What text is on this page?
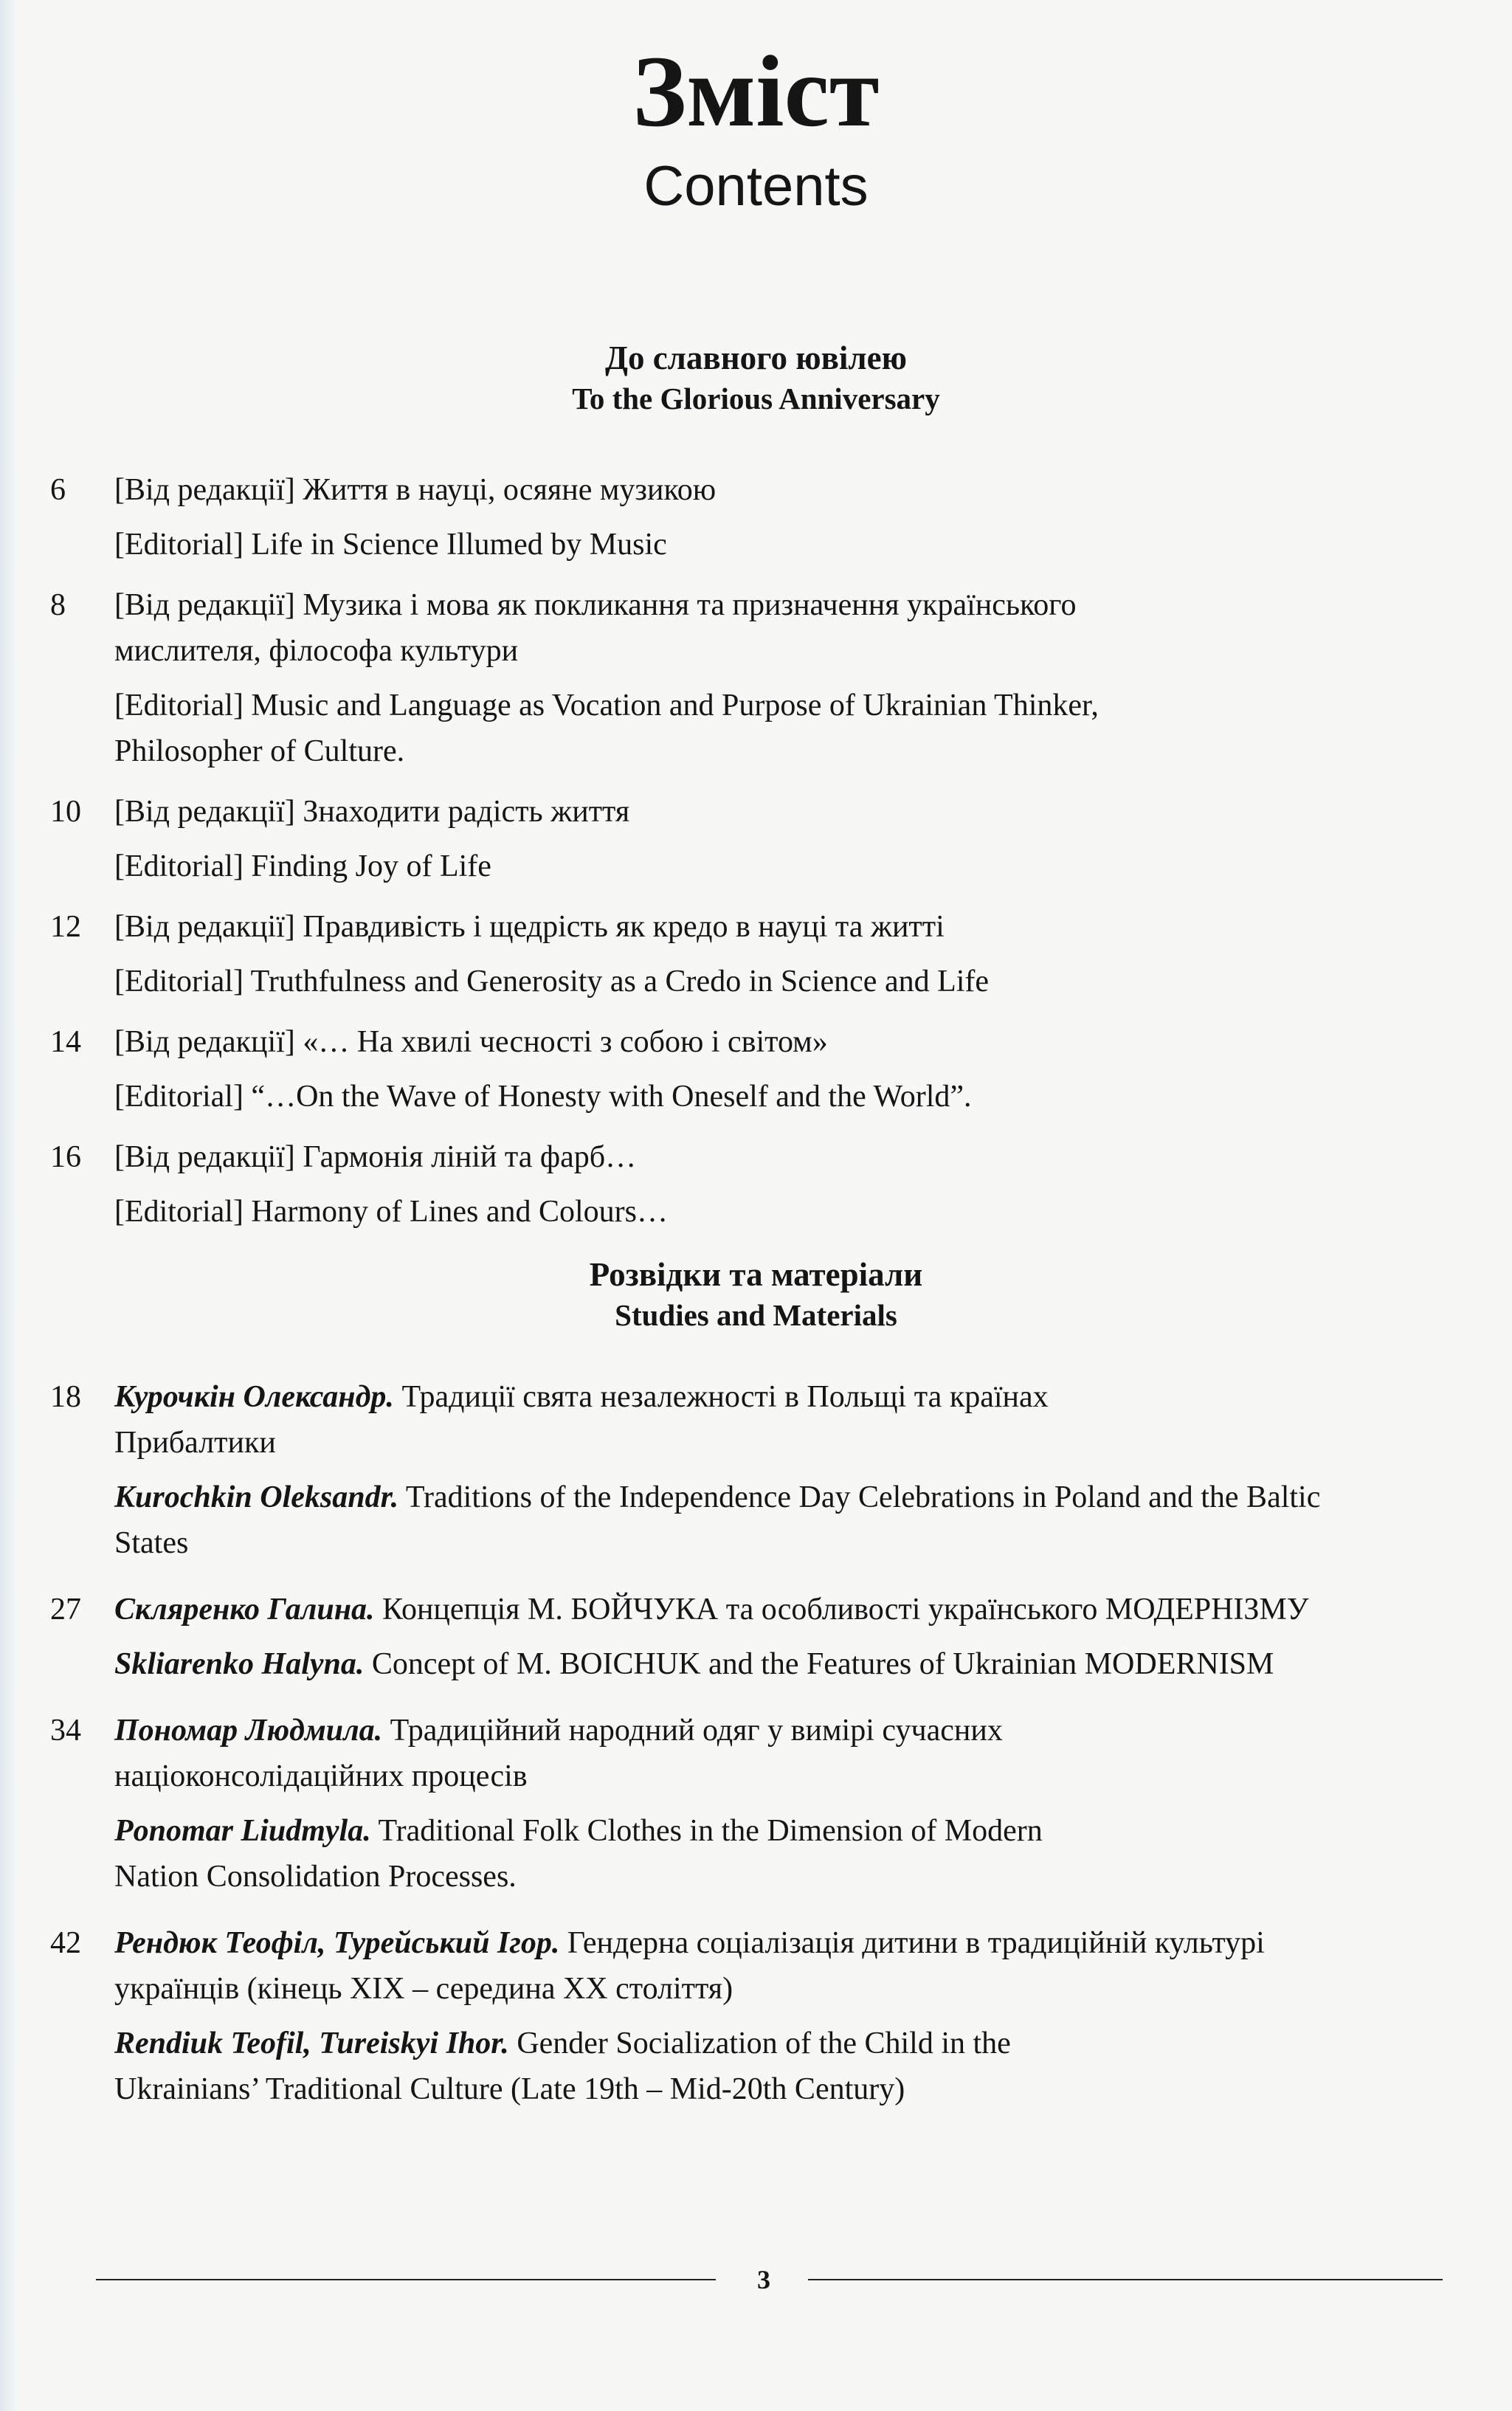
Зміст
Contents
До славного ювілею
To the Glorious Anniversary
6	[Від редакції] Життя в науці, осяяне музикою
[Editorial] Life in Science Illumed by Music
8	[Від редакції] Музика і мова як покликання та призначення українського мислителя, філософа культури
[Editorial] Music and Language as Vocation and Purpose of Ukrainian Thinker, Philosopher of Culture.
10	[Від редакції] Знаходити радість життя
[Editorial] Finding Joy of Life
12	[Від редакції] Правдивість і щедрість як кредо в науці та житті
[Editorial] Truthfulness and Generosity as a Credo in Science and Life
14	[Від редакції] «… На хвилі чесності з собою і світом»
[Editorial] “…On the Wave of Honesty with Oneself and the World”.
16	[Від редакції] Гармонія ліній та фарб…
[Editorial] Harmony of Lines and Colours…
Розвідки та матеріали
Studies and Materials
18	Курочкін Олександр. Традиції свята незалежності в Польщі та країнах Прибалтики
Kurochkin Oleksandr. Traditions of the Independence Day Celebrations in Poland and the Baltic States
27	Скляренко Галина. Концепція М. БОЙЧУКА та особливості українського МОДЕРНІЗМУ
Skliarenko Halyna. Concept of M. BOICHUK and the Features of Ukrainian MODERNISM
34	Пономар Людмила. Традиційний народний одяг у вимірі сучасних націоконсолідаційних процесів
Ponomar Liudmyla. Traditional Folk Clothes in the Dimension of Modern Nation Consolidation Processes.
42	Рендюк Теофіл, Турейський Ігор. Гендерна соціалізація дитини в традиційній культурі українців (кінець ХІХ – середина ХХ століття)
Rendiuk Teofil, Tureiskyi Ihor. Gender Socialization of the Child in the Ukrainians’ Traditional Culture (Late 19th – Mid-20th Century)
3
